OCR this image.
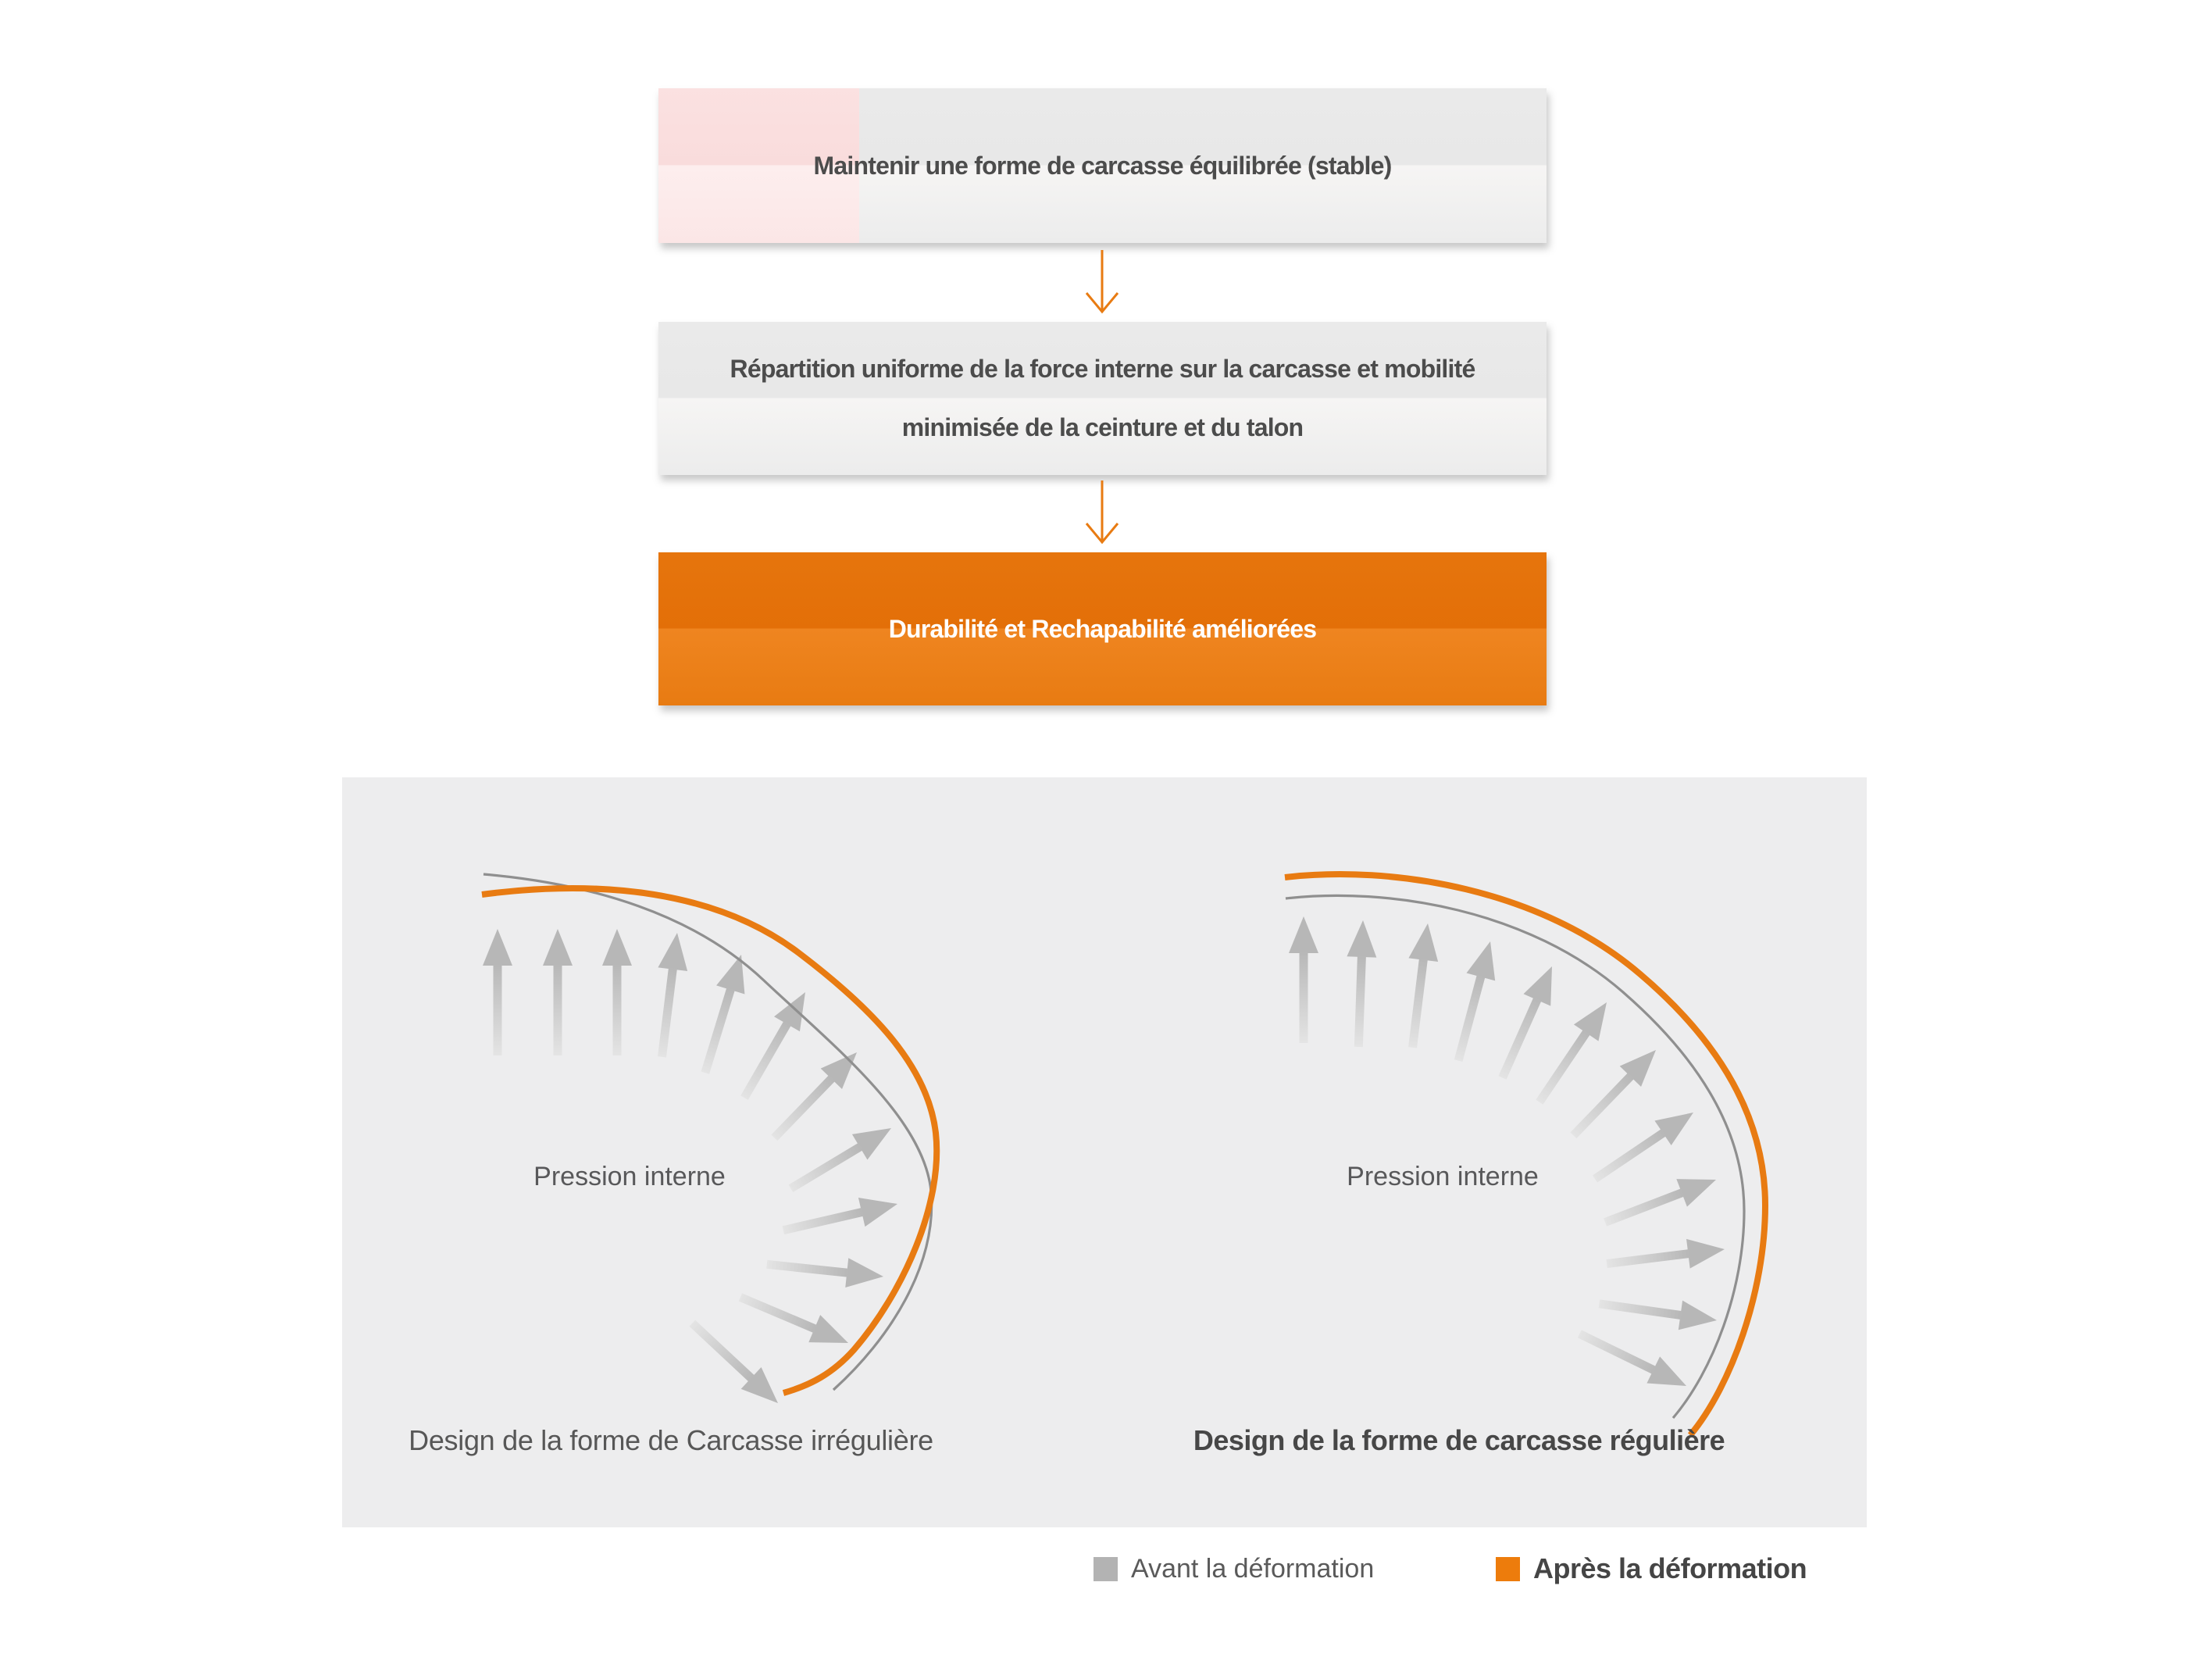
Maintenir une forme de carcasse équilibrée (stable)
Répartition uniforme de la force interne sur la carcasse et mobilité
minimisée de la ceinture et du talon
Durabilité et Rechapabilité améliorées
Pression interne	Pression interne
Design de la forme de Carcasse irrégulière	Design de la forme de carcasse régulière
Avant la déformation	Après la déformation
